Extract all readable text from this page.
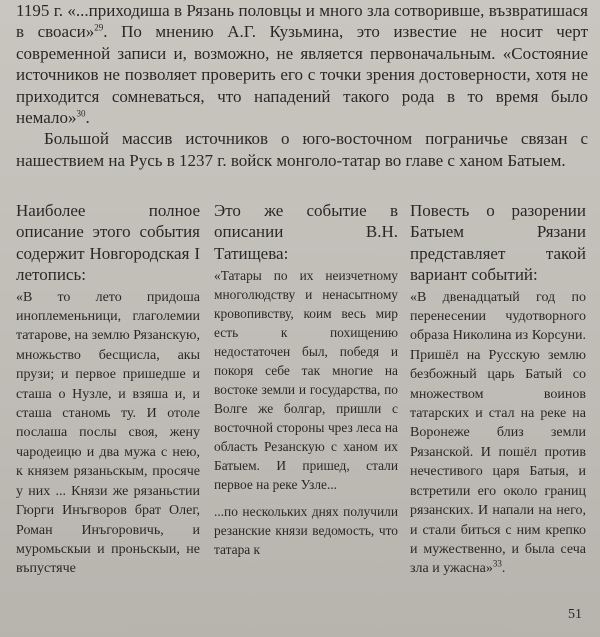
1195 г. «...приходиша в Рязань половцы и много зла сотворивше, възвратишася в своаси»$^{29}$. По мнению А.Г. Кузьмина, это известие не носит черт современной записи и, возможно, не является первоначальным. «Состояние источников не позволяет проверить его с точки зрения достоверности, хотя не приходится сомневаться, что нападений такого рода в то время было немало»$^{30}$.

Большой массив источников о юго-восточном пограничье связан с нашествием на Русь в 1237 г. войск монголо-татар во главе с ханом Батыем.

Наиболее полное описание этого события содержит Новгородская I летопись:

«В то лето придоша иноплеменьници, глаголемии татарове, на землю Рязанскую, множьство бесщисла, акы прузи; и первое пришедше и сташа о Нузле, и взяша и, и сташа станомь ту. И отоле послаша послы своя, жену чародеицю и два мужа с нею, к князем рязаньскым, просяче у них ... Князи же рязаньстии Гюрги Инъгворов брат Олег, Роман Инъгоровичь, и муромьскыи и проньскыи, не въпустяче

Это же событие в описании В.Н. Татищева:

«Татары по их неизчетному многолюдству и ненасытному кровопивству, коим весь мир есть к похищению недостаточен был, победя и покоря себе так многие на востоке земли и государства, по Волге же болгар, пришли с восточной стороны чрез леса на область Резанскую с ханом их Батыем. И пришед, стали первое на реке Узле...

...по нескольких днях получили резанские князи ведомость, что татара к

Повесть о разорении Батыем Рязани представляет такой вариант событий:

«В двенадцатый год по перенесении чудотворного образа Николина из Корсуни. Пришёл на Русскую землю безбожный царь Батый со множеством воинов татарских и стал на реке на Воронеже близ земли Рязанской. И пошёл против нечестивого царя Батыя, и встретили его около границ рязанских. И напали на него, и стали биться с ним крепко и мужественно, и была сеча зла и ужасна»$^{33}$.

51
